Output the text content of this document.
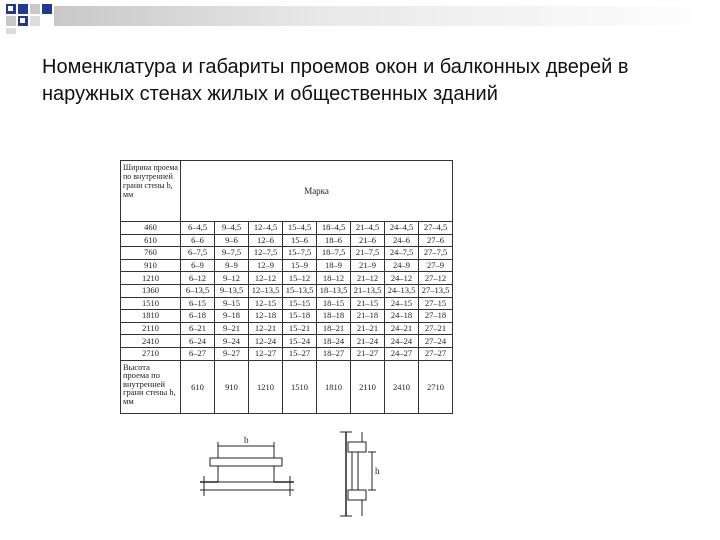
Номенклатура и габариты проемов окон и балконных дверей в наружных стенах жилых и общественных зданий
Ширина проема по внутренней грани стены b, мм	Марка							
460	6–4,5	9–4,5	12–4,5	15–4,5	18–4,5	21–4,5	24–4,5	27–4,5
610	6–6	9–6	12–6	15–6	18–6	21–6	24–6	27–6
760	6–7,5	9–7,5	12–7,5	15–7,5	18–7,5	21–7,5	24–7,5	27–7,5
910	6–9	9–9	12–9	15–9	18–9	21–9	24–9	27–9
1210	6–12	9–12	12–12	15–12	18–12	21–12	24–12	27–12
1360	6–13,5	9–13,5	12–13,5	15–13,5	18–13,5	21–13,5	24–13,5	27–13,5
1510	6–15	9–15	12–15	15–15	18–15	21–15	24–15	27–15
1810	6–18	9–18	12–18	15–18	18–18	21–18	24–18	27–18
2110	6–21	9–21	12–21	15–21	18–21	21–21	24–21	27–21
2410	6–24	9–24	12–24	15–24	18–24	21–24	24–24	27–24
2710	6–27	9–27	12–27	15–27	18–27	21–27	24–27	27–27
Высота проема по внутренней грани стены h, мм	610	910	1210	1510	1810	2110	2410	2710
b
h
